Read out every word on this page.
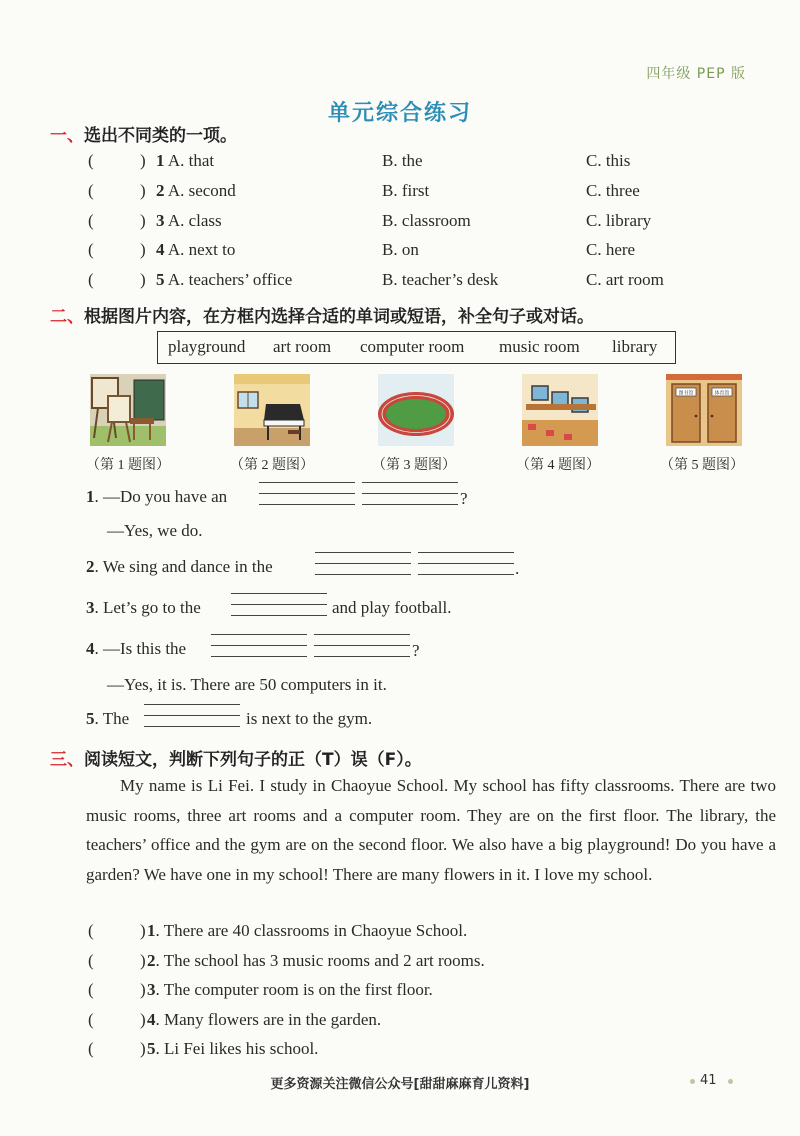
四年级 PEP 版
单元综合练习
一、选出不同类的一项。
(	) 1 A. that	B. the	C. this
(	) 2 A. second	B. first	C. three
(	) 3 A. class	B. classroom	C. library
(	) 4 A. next to	B. on	C. here
(	) 5 A. teachers’ office	B. teacher’s desk	C. art room
二、根据图片内容，在方框内选择合适的单词或短语，补全句子或对话。
playground art room computer room music room library
图书馆	体育馆
（第 1 题图）	（第 2 题图）	（第 3 题图）	（第 4 题图）	（第 5 题图）
1. —Do you have an	?
—Yes, we do.
2. We sing and dance in the	.
3. Let’s go to the	and play football.
4. —Is this the	?
—Yes, it is. There are 50 computers in it.
5. The	is next to the gym.
三、阅读短文，判断下列句子的正（T）误（F）。

My name is Li Fei. I study in Chaoyue School. My school has fifty classrooms. There are two music rooms, three art rooms and a computer room. They are on the first floor. The library, the teachers’ office and the gym are on the second floor. We also have a big playground! Do you have a garden? We have one in my school! There are many flowers in it. I love my school.

(	) 1. There are 40 classrooms in Chaoyue School.
(	) 2. The school has 3 music rooms and 2 art rooms.
(	) 3. The computer room is on the first floor.
(	) 4. Many flowers are in the garden.
(	) 5. Li Fei likes his school.
更多资源关注微信公众号[甜甜麻麻育儿资料]	41
